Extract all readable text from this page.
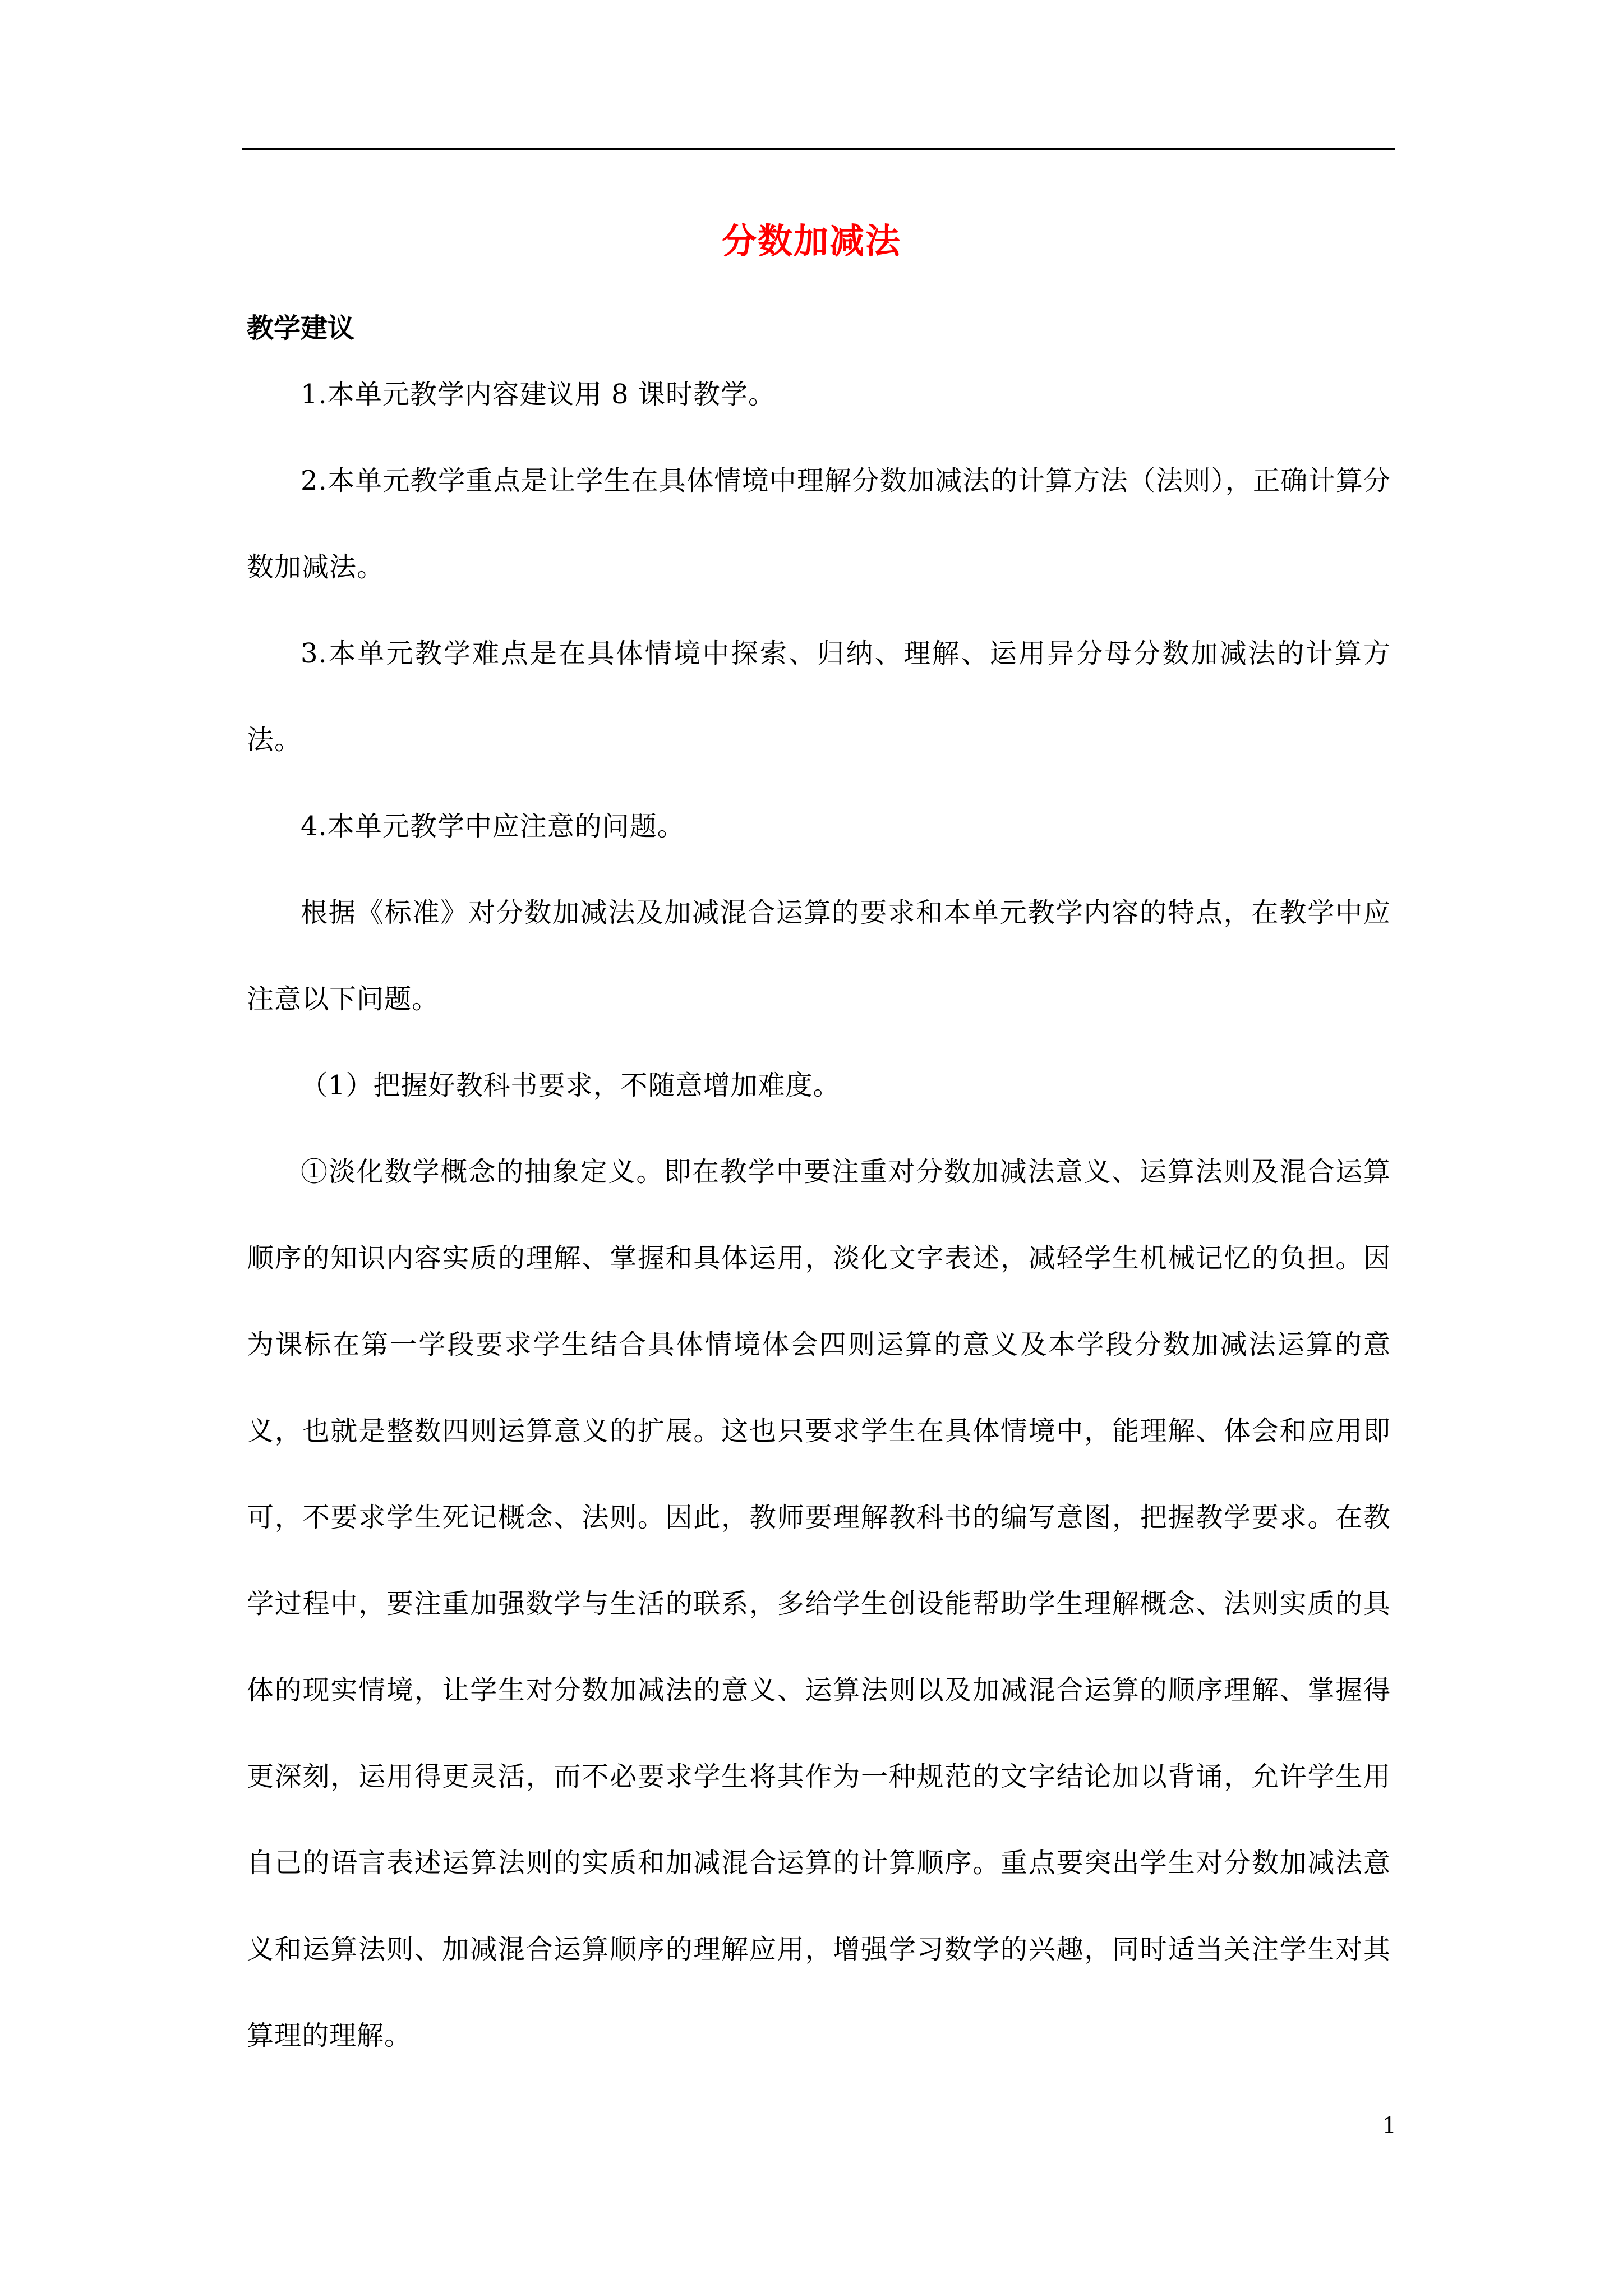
分数加减法
教学建议

1.本单元教学内容建议用 8 课时教学。

2.本单元教学重点是让学生在具体情境中理解分数加减法的计算方法（法则），正确计算分数加减法。

3.本单元教学难点是在具体情境中探索、归纳、理解、运用异分母分数加减法的计算方法。

4.本单元教学中应注意的问题。

根据《标准》对分数加减法及加减混合运算的要求和本单元教学内容的特点，在教学中应注意以下问题。

（1）把握好教科书要求，不随意增加难度。

①淡化数学概念的抽象定义。即在教学中要注重对分数加减法意义、运算法则及混合运算顺序的知识内容实质的理解、掌握和具体运用，淡化文字表述，减轻学生机械记忆的负担。因为课标在第一学段要求学生结合具体情境体会四则运算的意义及本学段分数加减法运算的意义，也就是整数四则运算意义的扩展。这也只要求学生在具体情境中，能理解、体会和应用即可，不要求学生死记概念、法则。因此，教师要理解教科书的编写意图，把握教学要求。在教学过程中，要注重加强数学与生活的联系，多给学生创设能帮助学生理解概念、法则实质的具体的现实情境，让学生对分数加减法的意义、运算法则以及加减混合运算的顺序理解、掌握得更深刻，运用得更灵活，而不必要求学生将其作为一种规范的文字结论加以背诵，允许学生用自己的语言表述运算法则的实质和加减混合运算的计算顺序。重点要突出学生对分数加减法意义和运算法则、加减混合运算顺序的理解应用，增强学习数学的兴趣，同时适当关注学生对其算理的理解。

1
